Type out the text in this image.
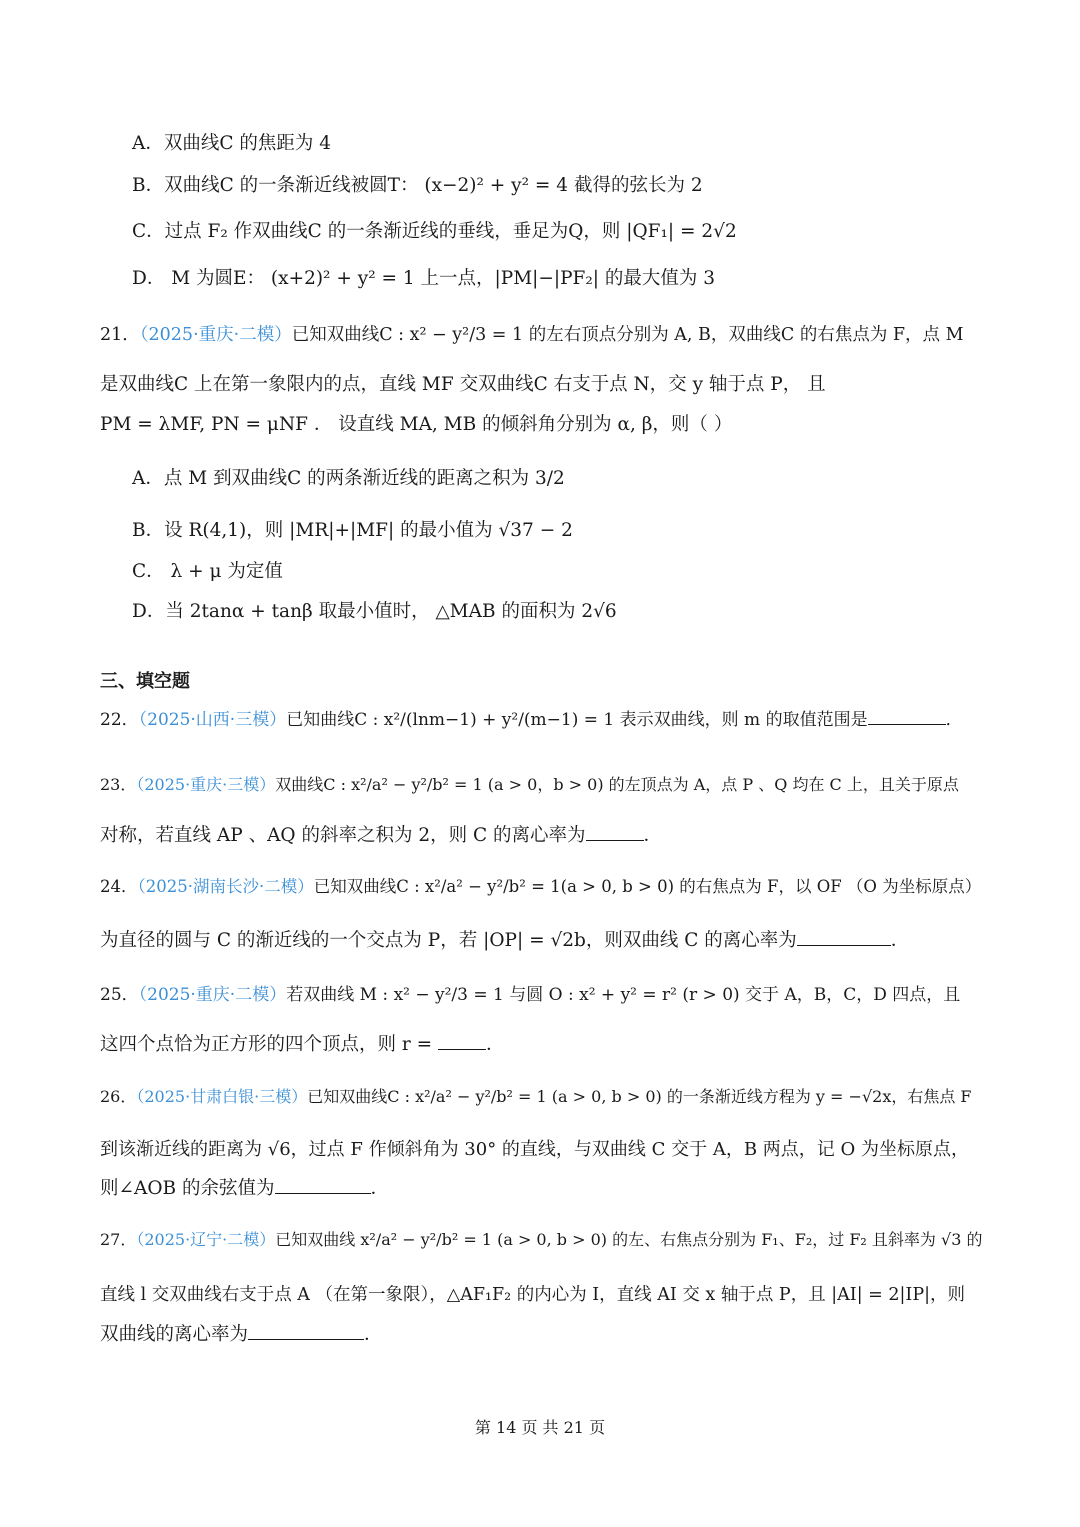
A．双曲线C 的焦距为 4
B．双曲线C 的一条渐近线被圆T： (x−2)² + y² = 4 截得的弦长为 2
C．过点 F₂ 作双曲线C 的一条渐近线的垂线，垂足为Q，则 |QF₁| = 2√2
D． M 为圆E： (x+2)² + y² = 1 上一点，|PM|−|PF₂| 的最大值为 3
21．（2025·重庆·二模）已知双曲线C : x² − y²/3 = 1 的左右顶点分别为 A, B，双曲线C 的右焦点为 F，点 M
是双曲线C 上在第一象限内的点，直线 MF 交双曲线C 右支于点 N，交 y 轴于点 P， 且
PM = λMF, PN = μNF ． 设直线 MA, MB 的倾斜角分别为 α, β，则（ ）
A．点 M 到双曲线C 的两条渐近线的距离之积为 3/2
B．设 R(4,1)，则 |MR|+|MF| 的最小值为 √37 − 2
C． λ + μ 为定值
D．当 2tanα + tanβ 取最小值时， △MAB 的面积为 2√6
三、填空题
22．（2025·山西·三模）已知曲线C : x²/(lnm−1) + y²/(m−1) = 1 表示双曲线，则 m 的取值范围是	．
23．（2025·重庆·三模）双曲线C : x²/a² − y²/b² = 1 (a > 0，b > 0) 的左顶点为 A，点 P 、Q 均在 C 上，且关于原点
对称，若直线 AP 、AQ 的斜率之积为 2，则 C 的离心率为	．
24．（2025·湖南长沙·二模）已知双曲线C : x²/a² − y²/b² = 1(a > 0, b > 0) 的右焦点为 F，以 OF （O 为坐标原点）
为直径的圆与 C 的渐近线的一个交点为 P，若 |OP| = √2b，则双曲线 C 的离心率为	．
25．（2025·重庆·二模）若双曲线 M : x² − y²/3 = 1 与圆 O : x² + y² = r² (r > 0) 交于 A，B，C，D 四点，且
这四个点恰为正方形的四个顶点，则 r =	．
26．（2025·甘肃白银·三模）已知双曲线C : x²/a² − y²/b² = 1 (a > 0, b > 0) 的一条渐近线方程为 y = −√2x，右焦点 F
到该渐近线的距离为 √6，过点 F 作倾斜角为 30° 的直线，与双曲线 C 交于 A，B 两点，记 O 为坐标原点，
则∠AOB 的余弦值为	．
27．（2025·辽宁·二模）已知双曲线 x²/a² − y²/b² = 1 (a > 0, b > 0) 的左、右焦点分别为 F₁、F₂，过 F₂ 且斜率为 √3 的
直线 l 交双曲线右支于点 A （在第一象限），△AF₁F₂ 的内心为 I，直线 AI 交 x 轴于点 P，且 |AI| = 2|IP|，则
双曲线的离心率为	．
第 14 页 共 21 页
